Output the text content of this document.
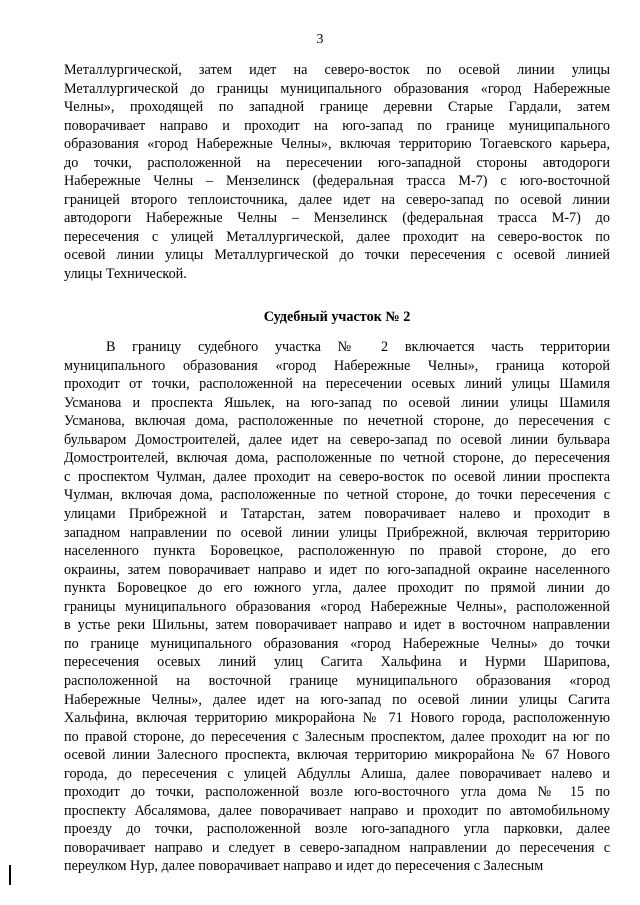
3

Металлургической, затем идет на северо-восток по осевой линии улицы
Металлургической до границы муниципального образования «город Набережные
Челны», проходящей по западной границе деревни Старые Гардали, затем
поворачивает направо и проходит на юго-запад по границе муниципального
образования «город Набережные Челны», включая территорию Тогаевского карьера,
до точки, расположенной на пересечении юго-западной стороны автодороги
Набережные Челны – Мензелинск (федеральная трасса М-7) с юго-восточной
границей второго теплоисточника, далее идет на северо-запад по осевой линии
автодороги Набережные Челны – Мензелинск (федеральная трасса М-7) до
пересечения с улицей Металлургической, далее проходит на северо-восток по
осевой линии улицы Металлургической до точки пересечения с осевой линией
улицы Технической.

Судебный участок № 2

В границу судебного участка № 2 включается часть территории
муниципального образования «город Набережные Челны», граница которой
проходит от точки, расположенной на пересечении осевых линий улицы Шамиля
Усманова и проспекта Яшьлек, на юго-запад по осевой линии улицы Шамиля
Усманова, включая дома, расположенные по нечетной стороне, до пересечения с
бульваром Домостроителей, далее идет на северо-запад по осевой линии бульвара
Домостроителей, включая дома, расположенные по четной стороне, до пересечения
с проспектом Чулман, далее проходит на северо-восток по осевой линии проспекта
Чулман, включая дома, расположенные по четной стороне, до точки пересечения с
улицами Прибрежной и Татарстан, затем поворачивает налево и проходит в
западном направлении по осевой линии улицы Прибрежной, включая территорию
населенного пункта Боровецкое, расположенную по правой стороне, до его
окраины, затем поворачивает направо и идет по юго-западной окраине населенного
пункта Боровецкое до его южного угла, далее проходит по прямой линии до
границы муниципального образования «город Набережные Челны», расположенной
в устье реки Шильны, затем поворачивает направо и идет в восточном направлении
по границе муниципального образования «город Набережные Челны» до точки
пересечения осевых линий улиц Сагита Хальфина и Нурми Шарипова,
расположенной на восточной границе муниципального образования «город
Набережные Челны», далее идет на юго-запад по осевой линии улицы Сагита
Хальфина, включая территорию микрорайона № 71 Нового города, расположенную
по правой стороне, до пересечения с Залесным проспектом, далее проходит на юг по
осевой линии Залесного проспекта, включая территорию микрорайона № 67 Нового
города, до пересечения с улицей Абдуллы Алиша, далее поворачивает налево и
проходит до точки, расположенной возле юго-восточного угла дома № 15 по
проспекту Абсалямова, далее поворачивает направо и проходит по автомобильному
проезду до точки, расположенной возле юго-западного угла парковки, далее
поворачивает направо и следует в северо-западном направлении до пересечения с
переулком Нур, далее поворачивает направо и идет до пересечения с Залесным
